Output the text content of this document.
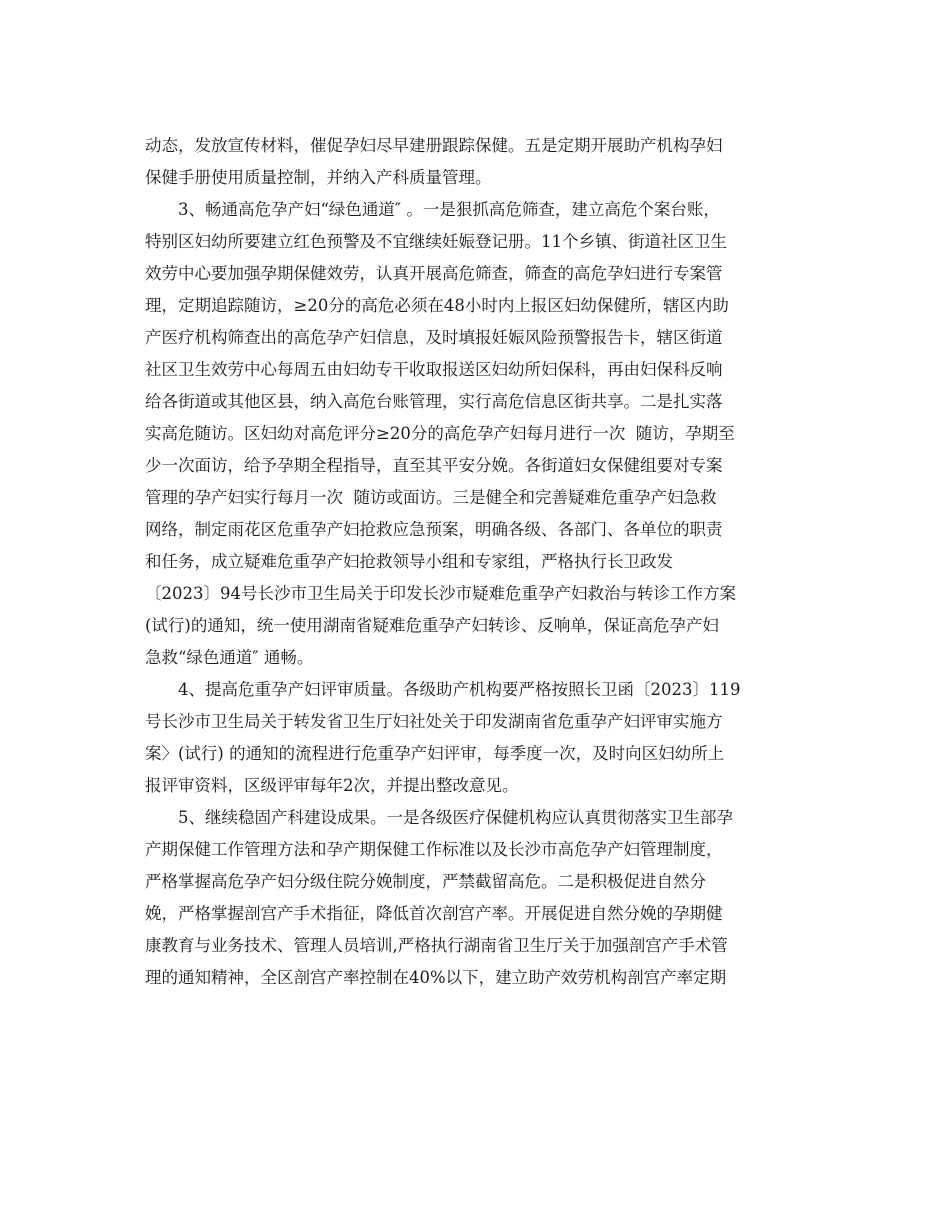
动态，发放宣传材料，催促孕妇尽早建册跟踪保健。五是定期开展助产机构孕妇
保健手册使用质量控制，并纳入产科质量管理。
3、畅通高危孕产妇“绿色通道″ 。一是狠抓高危筛查，建立高危个案台账，
特别区妇幼所要建立红色预警及不宜继续妊娠登记册。11个乡镇、街道社区卫生
效劳中心要加强孕期保健效劳，认真开展高危筛查，筛查的高危孕妇进行专案管
理，定期追踪随访，≥20分的高危必须在48小时内上报区妇幼保健所，辖区内助
产医疗机构筛查出的高危孕产妇信息，及时填报妊娠风险预警报告卡，辖区街道
社区卫生效劳中心每周五由妇幼专干收取报送区妇幼所妇保科，再由妇保科反响
给各街道或其他区县，纳入高危台账管理，实行高危信息区街共享。二是扎实落
实高危随访。区妇幼对高危评分≥20分的高危孕产妇每月进行一次  随访，孕期至
少一次面访，给予孕期全程指导，直至其平安分娩。各街道妇女保健组要对专案
管理的孕产妇实行每月一次  随访或面访。三是健全和完善疑难危重孕产妇急救
网络，制定雨花区危重孕产妇抢救应急预案，明确各级、各部门、各单位的职责
和任务，成立疑难危重孕产妇抢救领导小组和专家组，严格执行长卫政发
〔2023〕94号长沙市卫生局关于印发长沙市疑难危重孕产妇救治与转诊工作方案
(试行)的通知，统一使用湖南省疑难危重孕产妇转诊、反响单，保证高危孕产妇
急救“绿色通道″ 通畅。
4、提高危重孕产妇评审质量。各级助产机构要严格按照长卫函〔2023〕119
号长沙市卫生局关于转发省卫生厅妇社处关于印发湖南省危重孕产妇评审实施方
案〉(试行) 的通知的流程进行危重孕产妇评审，每季度一次，及时向区妇幼所上
报评审资料，区级评审每年2次，并提出整改意见。
5、继续稳固产科建设成果。一是各级医疗保健机构应认真贯彻落实卫生部孕
产期保健工作管理方法和孕产期保健工作标准以及长沙市高危孕产妇管理制度，
严格掌握高危孕产妇分级住院分娩制度，严禁截留高危。二是积极促进自然分
娩，严格掌握剖宫产手术指征，降低首次剖宫产率。开展促进自然分娩的孕期健
康教育与业务技术、管理人员培训,严格执行湖南省卫生厅关于加强剖宫产手术管
理的通知精神，全区剖宫产率控制在40%以下，建立助产效劳机构剖宫产率定期
